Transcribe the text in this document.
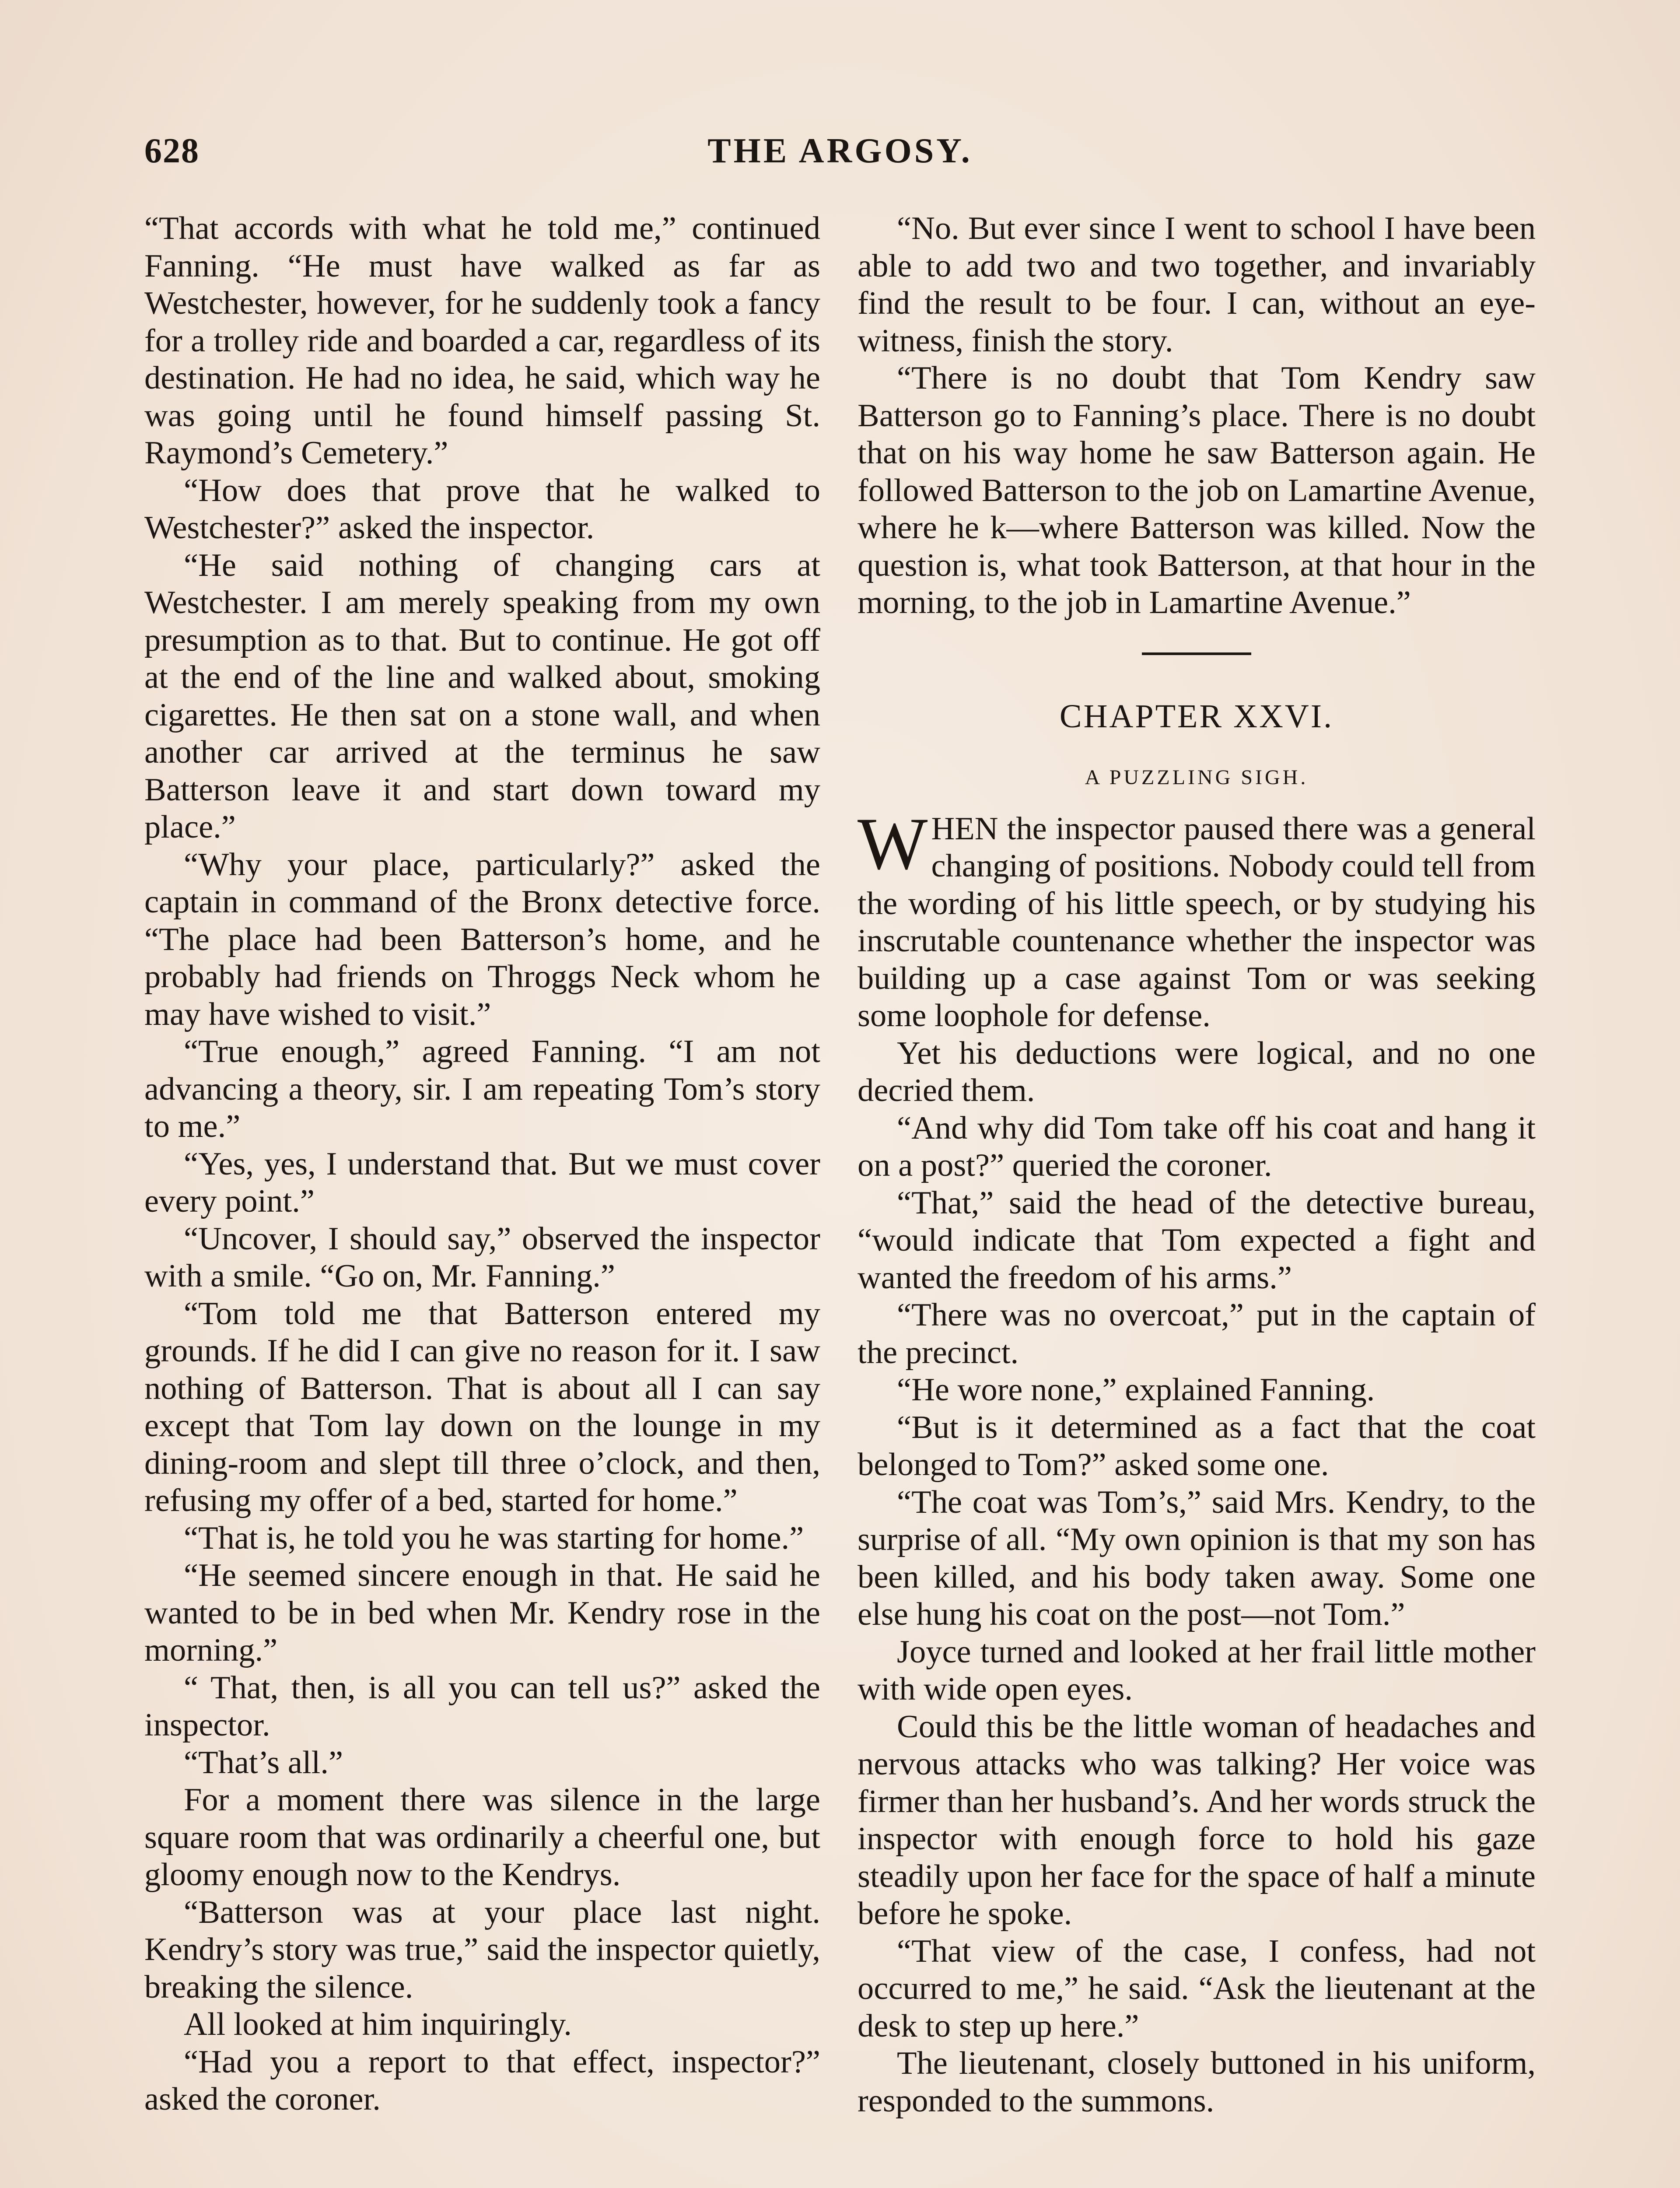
628	THE ARGOSY.

“That accords with what he told me,” continued Fanning. “He must have walked as far as Westchester, however, for he suddenly took a fancy for a trolley ride and boarded a car, regardless of its destination. He had no idea, he said, which way he was going until he found himself passing St. Raymond’s Cemetery.”

“How does that prove that he walked to Westchester?” asked the inspector.

“He said nothing of changing cars at Westchester. I am merely speaking from my own presumption as to that. But to continue. He got off at the end of the line and walked about, smoking cigarettes. He then sat on a stone wall, and when another car arrived at the terminus he saw Batterson leave it and start down toward my place.”

“Why your place, particularly?” asked the captain in command of the Bronx detective force. “The place had been Batterson’s home, and he probably had friends on Throggs Neck whom he may have wished to visit.”

“True enough,” agreed Fanning. “I am not advancing a theory, sir. I am repeating Tom’s story to me.”

“Yes, yes, I understand that. But we must cover every point.”

“Uncover, I should say,” observed the inspector with a smile. “Go on, Mr. Fanning.”

“Tom told me that Batterson entered my grounds. If he did I can give no reason for it. I saw nothing of Batterson. That is about all I can say except that Tom lay down on the lounge in my dining-room and slept till three o’clock, and then, refusing my offer of a bed, started for home.”

“That is, he told you he was starting for home.”

“He seemed sincere enough in that. He said he wanted to be in bed when Mr. Kendry rose in the morning.”

“ That, then, is all you can tell us?” asked the inspector.

“That’s all.”

For a moment there was silence in the large square room that was ordinarily a cheerful one, but gloomy enough now to the Kendrys.

“Batterson was at your place last night. Kendry’s story was true,” said the inspector quietly, breaking the silence.

All looked at him inquiringly.

“Had you a report to that effect, inspector?” asked the coroner.

“No. But ever since I went to school I have been able to add two and two together, and invariably find the result to be four. I can, without an eye-witness, finish the story.

“There is no doubt that Tom Kendry saw Batterson go to Fanning’s place. There is no doubt that on his way home he saw Batterson again. He followed Batterson to the job on Lamartine Avenue, where he k—where Batterson was killed. Now the question is, what took Batterson, at that hour in the morning, to the job in Lamartine Avenue.”

CHAPTER XXVI.
A PUZZLING SIGH.

WHEN the inspector paused there was a general changing of positions. Nobody could tell from the wording of his little speech, or by studying his inscrutable countenance whether the inspector was building up a case against Tom or was seeking some loophole for defense.

Yet his deductions were logical, and no one decried them.

“And why did Tom take off his coat and hang it on a post?” queried the coroner.

“That,” said the head of the detective bureau, “would indicate that Tom expected a fight and wanted the freedom of his arms.”

“There was no overcoat,” put in the captain of the precinct.

“He wore none,” explained Fanning.

“But is it determined as a fact that the coat belonged to Tom?” asked some one.

“The coat was Tom’s,” said Mrs. Kendry, to the surprise of all. “My own opinion is that my son has been killed, and his body taken away. Some one else hung his coat on the post—not Tom.”

Joyce turned and looked at her frail little mother with wide open eyes.

Could this be the little woman of headaches and nervous attacks who was talking? Her voice was firmer than her husband’s. And her words struck the inspector with enough force to hold his gaze steadily upon her face for the space of half a minute before he spoke.

“That view of the case, I confess, had not occurred to me,” he said. “Ask the lieutenant at the desk to step up here.”

The lieutenant, closely buttoned in his uniform, responded to the summons.
